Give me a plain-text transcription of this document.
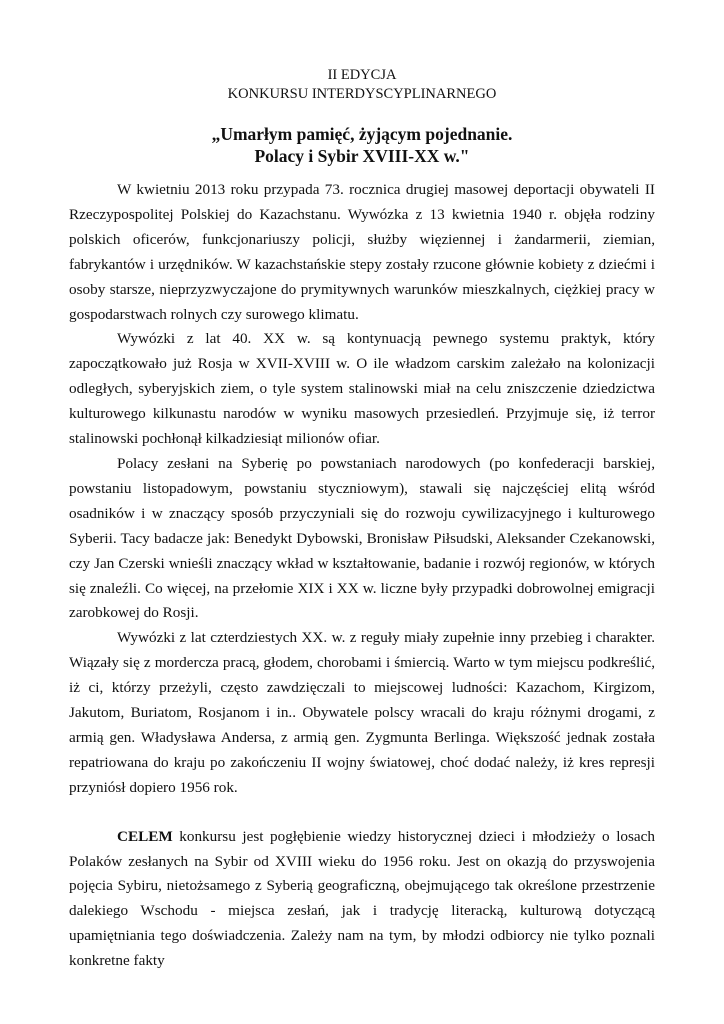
II EDYCJA
KONKURSU INTERDYSCYPLINARNEGO
„Umarłym pamięć, żyjącym pojednanie.
Polacy i Sybir XVIII-XX w."

W kwietniu 2013 roku przypada 73. rocznica drugiej masowej deportacji obywateli II Rzeczypospolitej Polskiej do Kazachstanu. Wywózka z 13 kwietnia 1940 r. objęła rodziny polskich oficerów, funkcjonariuszy policji, służby więziennej i żandarmerii, ziemian, fabrykantów i urzędników. W kazachstańskie stepy zostały rzucone głównie kobiety z dziećmi i osoby starsze, nieprzyzwyczajone do prymitywnych warunków mieszkalnych, ciężkiej pracy w gospodarstwach rolnych czy surowego klimatu.

Wywózki z lat 40. XX w. są kontynuacją pewnego systemu praktyk, który zapoczątkowało już Rosja w XVII-XVIII w. O ile władzom carskim zależało na kolonizacji odległych, syberyjskich ziem, o tyle system stalinowski miał na celu zniszczenie dziedzictwa kulturowego kilkunastu narodów w wyniku masowych przesiedleń. Przyjmuje się, iż terror stalinowski pochłonął kilkadziesiąt milionów ofiar.

Polacy zesłani na Syberię po powstaniach narodowych (po konfederacji barskiej, powstaniu listopadowym, powstaniu styczniowym), stawali się najczęściej elitą wśród osadników i w znaczący sposób przyczyniali się do rozwoju cywilizacyjnego i kulturowego Syberii. Tacy badacze jak: Benedykt Dybowski, Bronisław Piłsudski, Aleksander Czekanowski, czy Jan Czerski wnieśli znaczący wkład w kształtowanie, badanie i rozwój regionów, w których się znaleźli. Co więcej, na przełomie XIX i XX w. liczne były przypadki dobrowolnej emigracji zarobkowej do Rosji.

Wywózki z lat czterdziestych XX. w. z reguły miały zupełnie inny przebieg i charakter. Wiązały się z mordercza pracą, głodem, chorobami i śmiercią. Warto w tym miejscu podkreślić, iż ci, którzy przeżyli, często zawdzięczali to miejscowej ludności: Kazachom, Kirgizom, Jakutom, Buriatom, Rosjanom i in.. Obywatele polscy wracali do kraju różnymi drogami, z armią gen. Władysława Andersa, z armią gen. Zygmunta Berlinga. Większość jednak została repatriowana do kraju po zakończeniu II wojny światowej, choć dodać należy, iż kres represji przyniósł dopiero 1956 rok.

CELEM konkursu jest pogłębienie wiedzy historycznej dzieci i młodzieży o losach Polaków zesłanych na Sybir od XVIII wieku do 1956 roku. Jest on okazją do przyswojenia pojęcia Sybiru, nietożsamego z Syberią geograficzną, obejmującego tak określone przestrzenie dalekiego Wschodu - miejsca zesłań, jak i tradycję literacką, kulturową dotyczącą upamiętniania tego doświadczenia. Zależy nam na tym, by młodzi odbiorcy nie tylko poznali konkretne fakty
